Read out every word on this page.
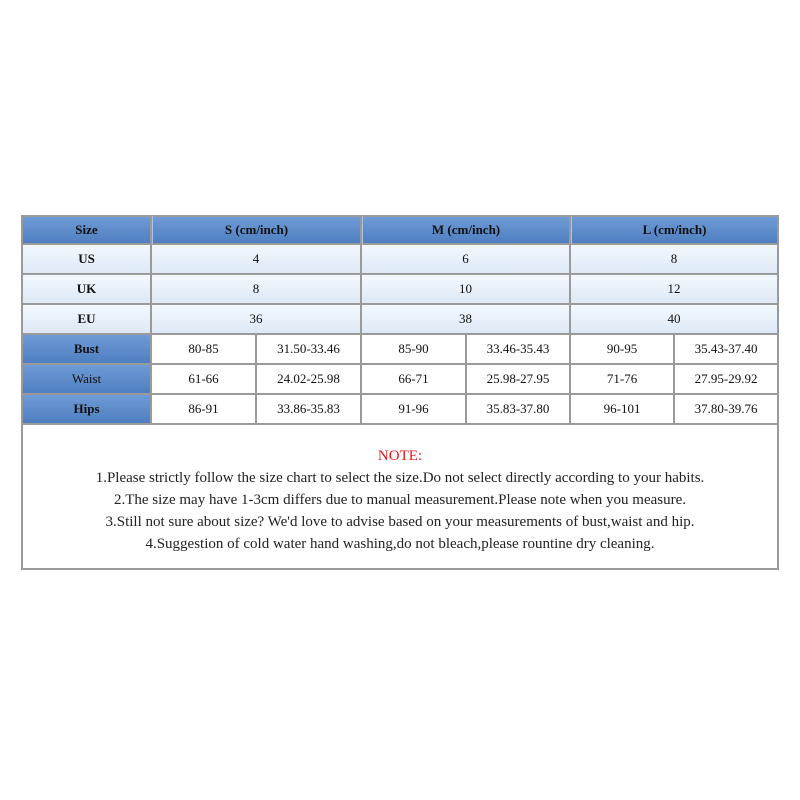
Size	S (cm/inch)		M (cm/inch)		L (cm/inch)	
US	4		6		8	
UK	8		10		12	
EU	36		38		40	
Bust	80-85	31.50-33.46	85-90	33.46-35.43	90-95	35.43-37.40
Waist	61-66	24.02-25.98	66-71	25.98-27.95	71-76	27.95-29.92
Hips	86-91	33.86-35.83	91-96	35.83-37.80	96-101	37.80-39.76
NOTE:
1.Please strictly follow the size chart to select the size.Do not select directly according to your habits.
2.The size may have 1-3cm differs due to manual measurement.Please note when you measure.
3.Still not sure about size? We'd love to advise based on your measurements of bust,waist and hip.
4.Suggestion of cold water hand washing,do not bleach,please rountine dry cleaning.
